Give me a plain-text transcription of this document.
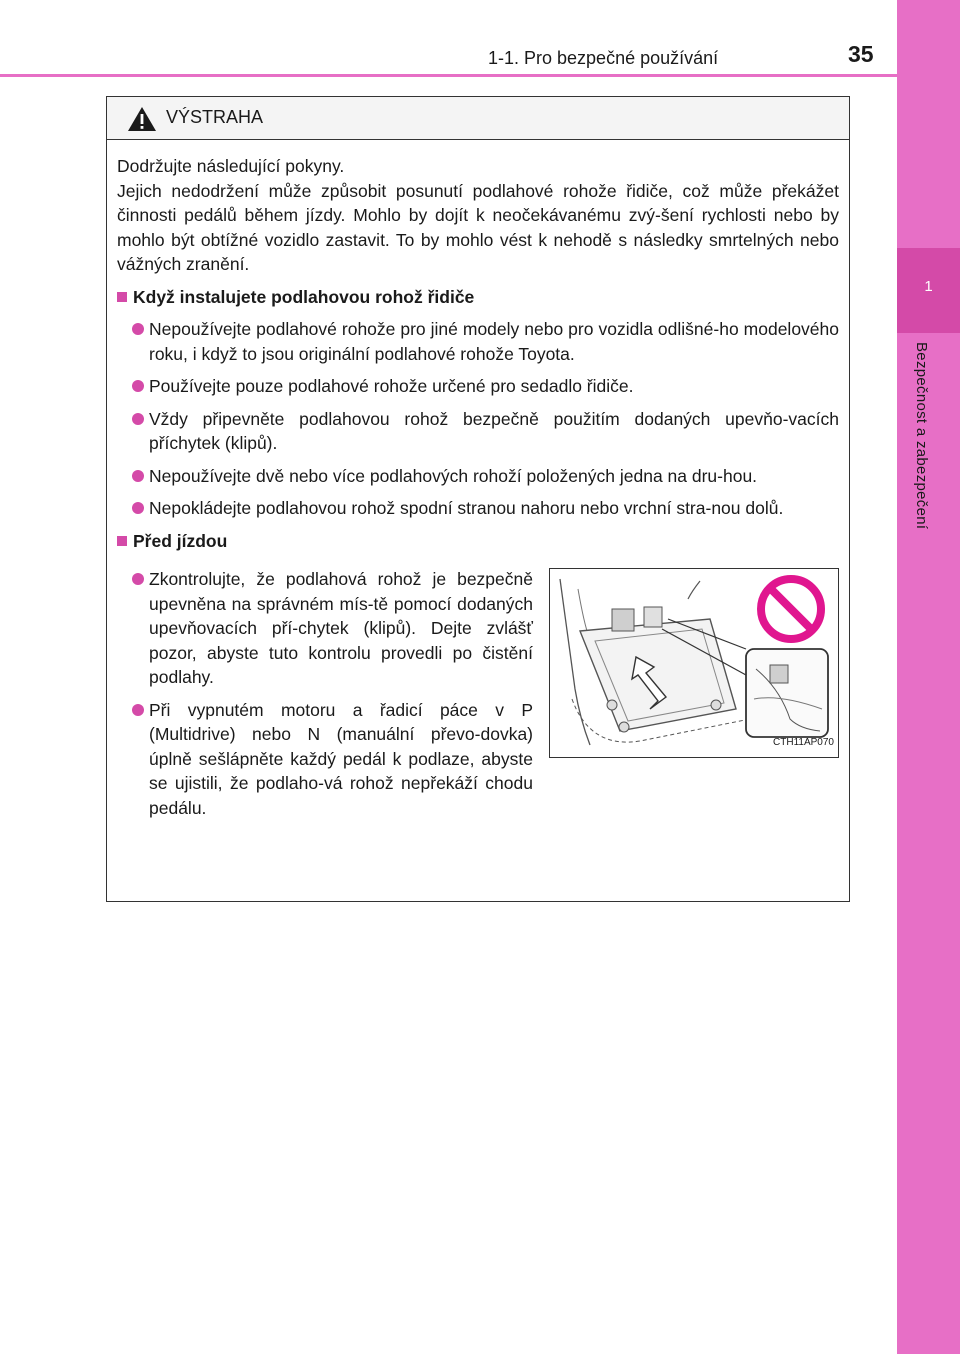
1
Bezpečnost a zabezpečení
1-1. Pro bezpečné používání	35
VÝSTRAHA

Dodržujte následující pokyny.

Jejich nedodržení může způsobit posunutí podlahové rohože řidiče, což může překážet činnosti pedálů během jízdy. Mohlo by dojít k neočekávanému zvý-šení rychlosti nebo by mohlo být obtížné vozidlo zastavit. To by mohlo vést k nehodě s následky smrtelných nebo vážných zranění.

Když instalujete podlahovou rohož řidiče
Nepoužívejte podlahové rohože pro jiné modely nebo pro vozidla odlišné-ho modelového roku, i když to jsou originální podlahové rohože Toyota.
Používejte pouze podlahové rohože určené pro sedadlo řidiče.
Vždy připevněte podlahovou rohož bezpečně použitím dodaných upevňo-vacích příchytek (klipů).
Nepoužívejte dvě nebo více podlahových rohoží položených jedna na dru-hou.
Nepokládejte podlahovou rohož spodní stranou nahoru nebo vrchní stra-nou dolů.
Před jízdou
Zkontrolujte, že podlahová rohož je bezpečně upevněna na správném mís-tě pomocí dodaných upevňovacích pří-chytek (klipů). Dejte zvlášť pozor, abyste tuto kontrolu provedli po čistění podlahy.
Při vypnutém motoru a řadicí páce v P (Multidrive) nebo N (manuální převo-dovka) úplně sešlápněte každý pedál k podlaze, abyste se ujistili, že podlaho-vá rohož nepřekáží chodu pedálu.
CTH11AP070
